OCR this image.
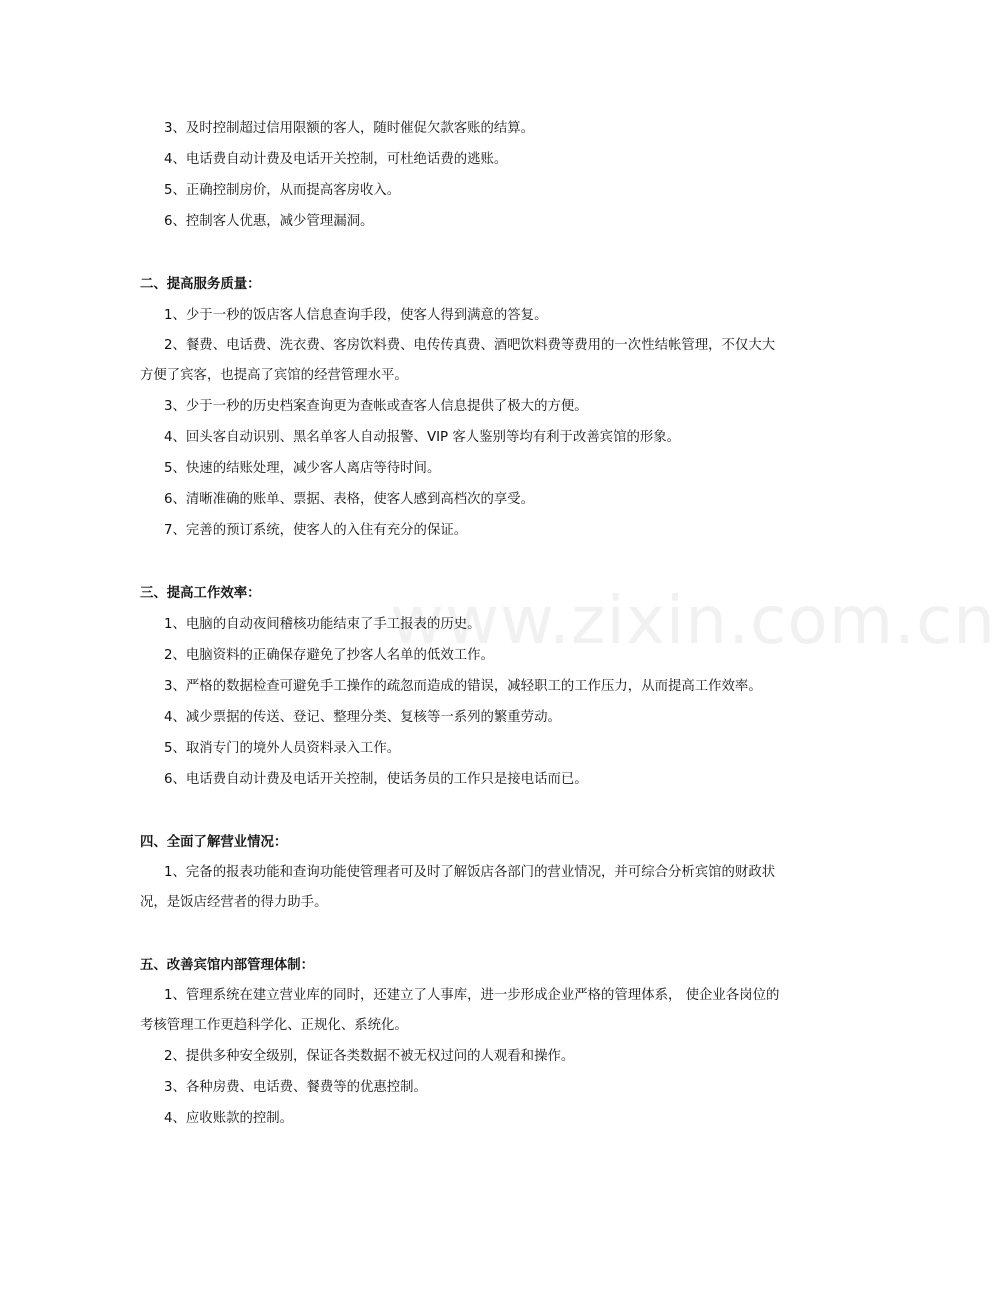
www.zixin.com.cn

3、及时控制超过信用限额的客人，随时催促欠款客账的结算。

4、电话费自动计费及电话开关控制，可杜绝话费的逃账。

5、正确控制房价，从而提高客房收入。

6、控制客人优惠，减少管理漏洞。

二、提高服务质量：

1、少于一秒的饭店客人信息查询手段，使客人得到满意的答复。

2、餐费、电话费、洗衣费、客房饮料费、电传传真费、酒吧饮料费等费用的一次性结帐管理，不仅大大方便了宾客，也提高了宾馆的经营管理水平。

3、少于一秒的历史档案查询更为查帐或查客人信息提供了极大的方便。

4、回头客自动识别、黑名单客人自动报警、VIP 客人鉴别等均有利于改善宾馆的形象。

5、快速的结账处理，减少客人离店等待时间。

6、清晰准确的账单、票据、表格，使客人感到高档次的享受。

7、完善的预订系统，使客人的入住有充分的保证。

三、提高工作效率：

1、电脑的自动夜间稽核功能结束了手工报表的历史。

2、电脑资料的正确保存避免了抄客人名单的低效工作。

3、严格的数据检查可避免手工操作的疏忽而造成的错误，减轻职工的工作压力，从而提高工作效率。

4、减少票据的传送、登记、整理分类、复核等一系列的繁重劳动。

5、取消专门的境外人员资料录入工作。

6、电话费自动计费及电话开关控制，使话务员的工作只是接电话而已。

四、全面了解营业情况：

1、完备的报表功能和查询功能使管理者可及时了解饭店各部门的营业情况，并可综合分析宾馆的财政状况，是饭店经营者的得力助手。

五、改善宾馆内部管理体制：

1、管理系统在建立营业库的同时，还建立了人事库，进一步形成企业严格的管理体系， 使企业各岗位的考核管理工作更趋科学化、正规化、系统化。

2、提供多种安全级别，保证各类数据不被无权过问的人观看和操作。

3、各种房费、电话费、餐费等的优惠控制。

4、应收账款的控制。
